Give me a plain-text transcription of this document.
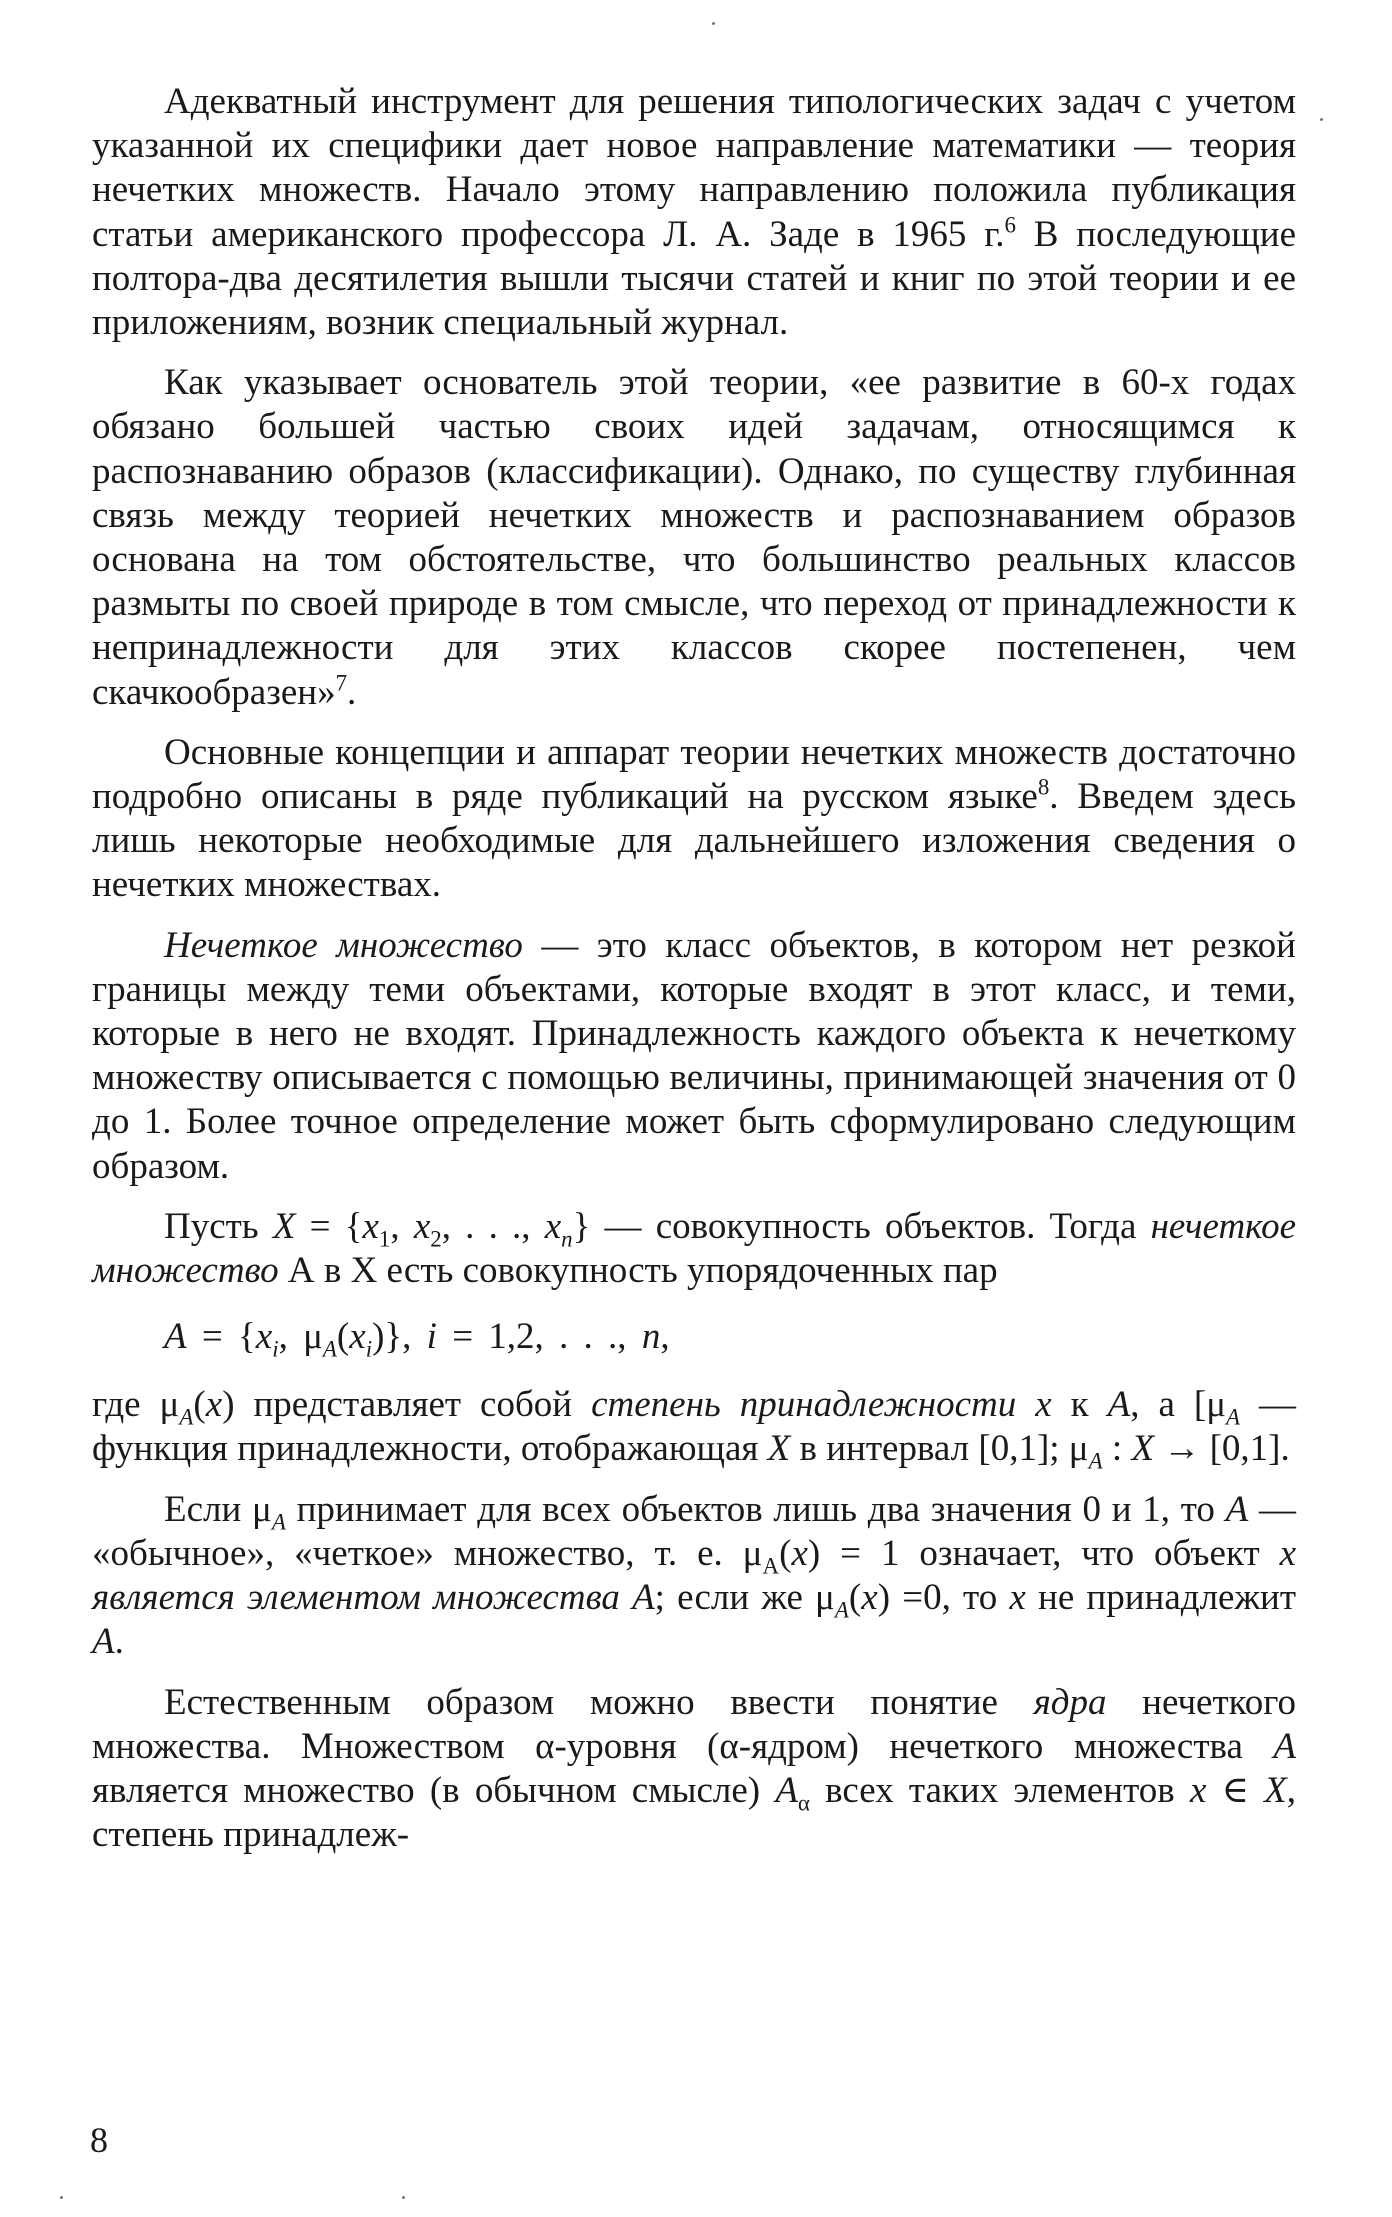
Адекватный инструмент для решения типологических задач с учетом указанной их специфики дает новое направление математики — теория нечетких множеств. Начало этому направлению положила публикация статьи американского профессора Л. А. Заде в 1965 г.$^6$ В последующие полтора-два десятилетия вышли тысячи статей и книг по этой теории и ее приложениям, возник специальный журнал.

Как указывает основатель этой теории, «ее развитие в 60-х годах обязано большей частью своих идей задачам, относящимся к распознаванию образов (классификации). Однако, по существу глубинная связь между теорией нечетких множеств и распознаванием образов основана на том обстоятельстве, что большинство реальных классов размыты по своей природе в том смысле, что переход от принадлежности к непринадлежности для этих классов скорее постепенен, чем скачкообразен»$^7$.

Основные концепции и аппарат теории нечетких множеств достаточно подробно описаны в ряде публикаций на русском языке$^8$. Введем здесь лишь некоторые необходимые для дальнейшего изложения сведения о нечетких множествах.

Нечеткое множество — это класс объектов, в котором нет резкой границы между теми объектами, которые входят в этот класс, и теми, которые в него не входят. Принадлежность каждого объекта к нечеткому множеству описывается с помощью величины, принимающей значения от 0 до 1. Более точное определение может быть сформулировано следующим образом.

Пусть $X = \{x_1$, $x_2$, . . ., $x_n$} — совокупность объектов. Тогда нечеткое множество А в Х есть совокупность упорядоченных пар

$A = \{x_i$, $\mu_A(x_i)$}, i = 1,2, . . ., n,

где $\mu_A(x)$ представляет собой степень принадлежности x к A, а [$\mu_A$ — функция принадлежности, отображающая X в интервал [0,1]; $\mu_A$ : X → [0,1].

Если $\mu_A$ принимает для всех объектов лишь два значения 0 и 1, то A — «обычное», «четкое» множество, т. е. $\mu_A(x) = 1$ означает, что объект x является элементом множества A; если же $\mu_A(x) =0$, то x не принадлежит A.

Естественным образом можно ввести понятие ядра нечеткого множества. Множеством α-уровня (α-ядром) нечеткого множества A является множество (в обычном смысле) $A_\alpha$ всех таких элементов x ∈ X, степень принадлеж-

8
